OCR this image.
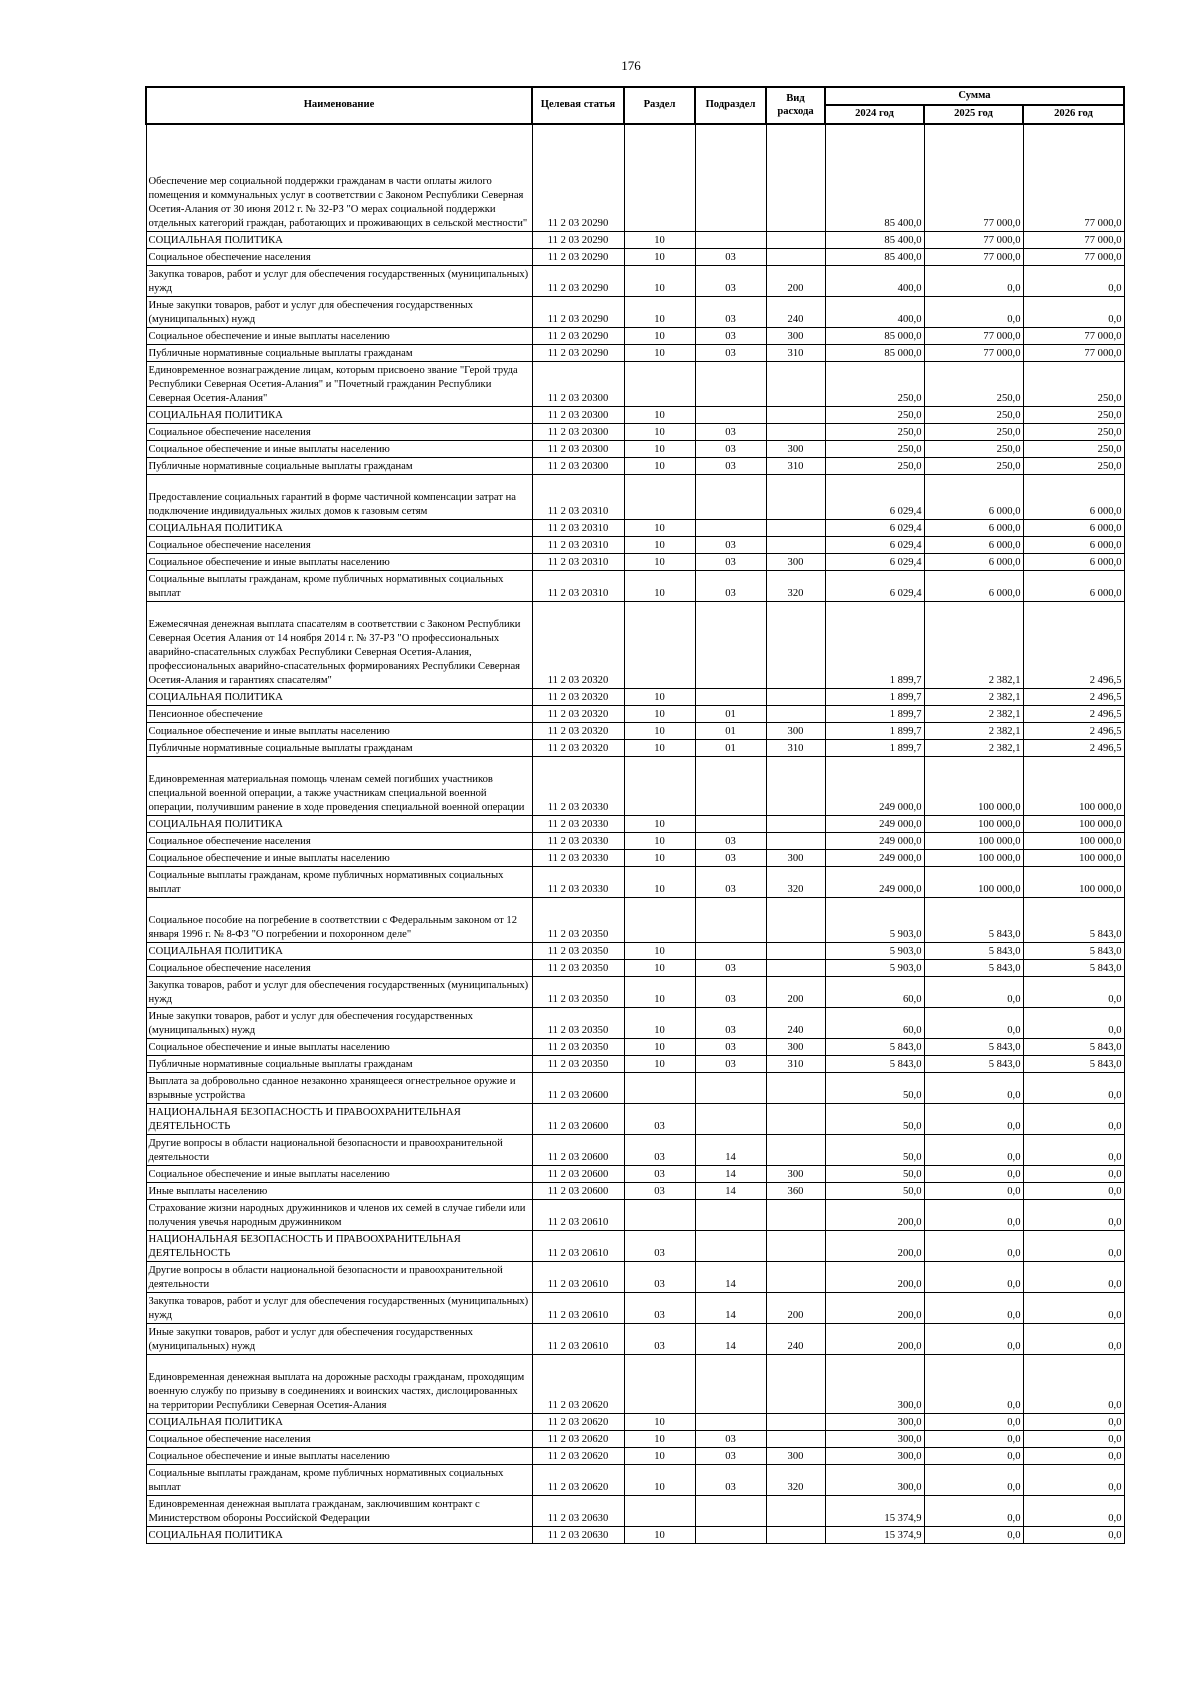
176
Наименование	Целевая статья	Раздел	Подраздел	Вид расхода	Сумма		
					2024 год	2025 год	2026 год

Обеспечение мер социальной поддержки гражданам в части оплаты жилого помещения и коммунальных услуг в соответствии с Законом Республики Северная Осетия-Алания от 30 июня 2012 г. № 32-РЗ "О мерах социальной поддержки отдельных категорий граждан, работающих и проживающих в сельской местности"	11 2 03 20290				85 400,0	77 000,0	77 000,0

СОЦИАЛЬНАЯ ПОЛИТИКА	11 2 03 20290	10			85 400,0	77 000,0	77 000,0

Социальное обеспечение населения	11 2 03 20290	10	03		85 400,0	77 000,0	77 000,0

Закупка товаров, работ и услуг для обеспечения государственных (муниципальных) нужд	11 2 03 20290	10	03	200	400,0	0,0	0,0

Иные закупки товаров, работ и услуг для обеспечения государственных (муниципальных) нужд	11 2 03 20290	10	03	240	400,0	0,0	0,0

Социальное обеспечение и иные выплаты населению	11 2 03 20290	10	03	300	85 000,0	77 000,0	77 000,0

Публичные нормативные социальные выплаты гражданам	11 2 03 20290	10	03	310	85 000,0	77 000,0	77 000,0

Единовременное вознаграждение лицам, которым присвоено звание "Герой труда Республики Северная Осетия-Алания" и "Почетный гражданин Республики Северная Осетия-Алания"	11 2 03 20300				250,0	250,0	250,0

СОЦИАЛЬНАЯ ПОЛИТИКА	11 2 03 20300	10			250,0	250,0	250,0

Социальное обеспечение населения	11 2 03 20300	10	03		250,0	250,0	250,0

Социальное обеспечение и иные выплаты населению	11 2 03 20300	10	03	300	250,0	250,0	250,0

Публичные нормативные социальные выплаты гражданам	11 2 03 20300	10	03	310	250,0	250,0	250,0

Предоставление социальных гарантий в форме частичной компенсации затрат на подключение индивидуальных жилых домов к газовым сетям	11 2 03 20310				6 029,4	6 000,0	6 000,0

СОЦИАЛЬНАЯ ПОЛИТИКА	11 2 03 20310	10			6 029,4	6 000,0	6 000,0

Социальное обеспечение населения	11 2 03 20310	10	03		6 029,4	6 000,0	6 000,0

Социальное обеспечение и иные выплаты населению	11 2 03 20310	10	03	300	6 029,4	6 000,0	6 000,0

Социальные выплаты гражданам, кроме публичных нормативных социальных выплат	11 2 03 20310	10	03	320	6 029,4	6 000,0	6 000,0

Ежемесячная денежная выплата спасателям в соответствии с Законом Республики Северная Осетия Алания от 14 ноября 2014 г. № 37-РЗ "О профессиональных аварийно-спасательных службах Республики Северная Осетия-Алания, профессиональных аварийно-спасательных формированиях Республики Северная Осетия-Алания и гарантиях спасателям"	11 2 03 20320				1 899,7	2 382,1	2 496,5

СОЦИАЛЬНАЯ ПОЛИТИКА	11 2 03 20320	10			1 899,7	2 382,1	2 496,5

Пенсионное обеспечение	11 2 03 20320	10	01		1 899,7	2 382,1	2 496,5

Социальное обеспечение и иные выплаты населению	11 2 03 20320	10	01	300	1 899,7	2 382,1	2 496,5

Публичные нормативные социальные выплаты гражданам	11 2 03 20320	10	01	310	1 899,7	2 382,1	2 496,5

Единовременная материальная помощь членам семей погибших участников специальной военной операции, а также участникам специальной военной операции, получившим ранение в ходе проведения специальной военной операции	11 2 03 20330				249 000,0	100 000,0	100 000,0

СОЦИАЛЬНАЯ ПОЛИТИКА	11 2 03 20330	10			249 000,0	100 000,0	100 000,0

Социальное обеспечение населения	11 2 03 20330	10	03		249 000,0	100 000,0	100 000,0

Социальное обеспечение и иные выплаты населению	11 2 03 20330	10	03	300	249 000,0	100 000,0	100 000,0

Социальные выплаты гражданам, кроме публичных нормативных социальных выплат	11 2 03 20330	10	03	320	249 000,0	100 000,0	100 000,0

Социальное пособие на погребение в соответствии с Федеральным законом от 12 января 1996 г. № 8-ФЗ "О погребении и похоронном деле"	11 2 03 20350				5 903,0	5 843,0	5 843,0

СОЦИАЛЬНАЯ ПОЛИТИКА	11 2 03 20350	10			5 903,0	5 843,0	5 843,0

Социальное обеспечение населения	11 2 03 20350	10	03		5 903,0	5 843,0	5 843,0

Закупка товаров, работ и услуг для обеспечения государственных (муниципальных) нужд	11 2 03 20350	10	03	200	60,0	0,0	0,0

Иные закупки товаров, работ и услуг для обеспечения государственных (муниципальных) нужд	11 2 03 20350	10	03	240	60,0	0,0	0,0

Социальное обеспечение и иные выплаты населению	11 2 03 20350	10	03	300	5 843,0	5 843,0	5 843,0

Публичные нормативные социальные выплаты гражданам	11 2 03 20350	10	03	310	5 843,0	5 843,0	5 843,0

Выплата за добровольно сданное незаконно хранящееся огнестрельное оружие и взрывные устройства	11 2 03 20600				50,0	0,0	0,0

НАЦИОНАЛЬНАЯ БЕЗОПАСНОСТЬ И ПРАВООХРАНИТЕЛЬНАЯ ДЕЯТЕЛЬНОСТЬ	11 2 03 20600	03			50,0	0,0	0,0

Другие вопросы в области национальной безопасности и правоохранительной деятельности	11 2 03 20600	03	14		50,0	0,0	0,0

Социальное обеспечение и иные выплаты населению	11 2 03 20600	03	14	300	50,0	0,0	0,0

Иные выплаты населению	11 2 03 20600	03	14	360	50,0	0,0	0,0

Страхование жизни народных дружинников и членов их семей в случае гибели или получения увечья народным дружинником	11 2 03 20610				200,0	0,0	0,0

НАЦИОНАЛЬНАЯ БЕЗОПАСНОСТЬ И ПРАВООХРАНИТЕЛЬНАЯ ДЕЯТЕЛЬНОСТЬ	11 2 03 20610	03			200,0	0,0	0,0

Другие вопросы в области национальной безопасности и правоохранительной деятельности	11 2 03 20610	03	14		200,0	0,0	0,0

Закупка товаров, работ и услуг для обеспечения государственных (муниципальных) нужд	11 2 03 20610	03	14	200	200,0	0,0	0,0

Иные закупки товаров, работ и услуг для обеспечения государственных (муниципальных) нужд	11 2 03 20610	03	14	240	200,0	0,0	0,0

Единовременная денежная выплата на дорожные расходы гражданам, проходящим военную службу по призыву в соединениях и воинских частях, дислоцированных на территории Республики Северная Осетия-Алания	11 2 03 20620				300,0	0,0	0,0

СОЦИАЛЬНАЯ ПОЛИТИКА	11 2 03 20620	10			300,0	0,0	0,0

Социальное обеспечение населения	11 2 03 20620	10	03		300,0	0,0	0,0

Социальное обеспечение и иные выплаты населению	11 2 03 20620	10	03	300	300,0	0,0	0,0

Социальные выплаты гражданам, кроме публичных нормативных социальных выплат	11 2 03 20620	10	03	320	300,0	0,0	0,0

Единовременная денежная выплата гражданам, заключившим контракт с Министерством обороны Российской Федерации	11 2 03 20630				15 374,9	0,0	0,0

СОЦИАЛЬНАЯ ПОЛИТИКА	11 2 03 20630	10			15 374,9	0,0	0,0
